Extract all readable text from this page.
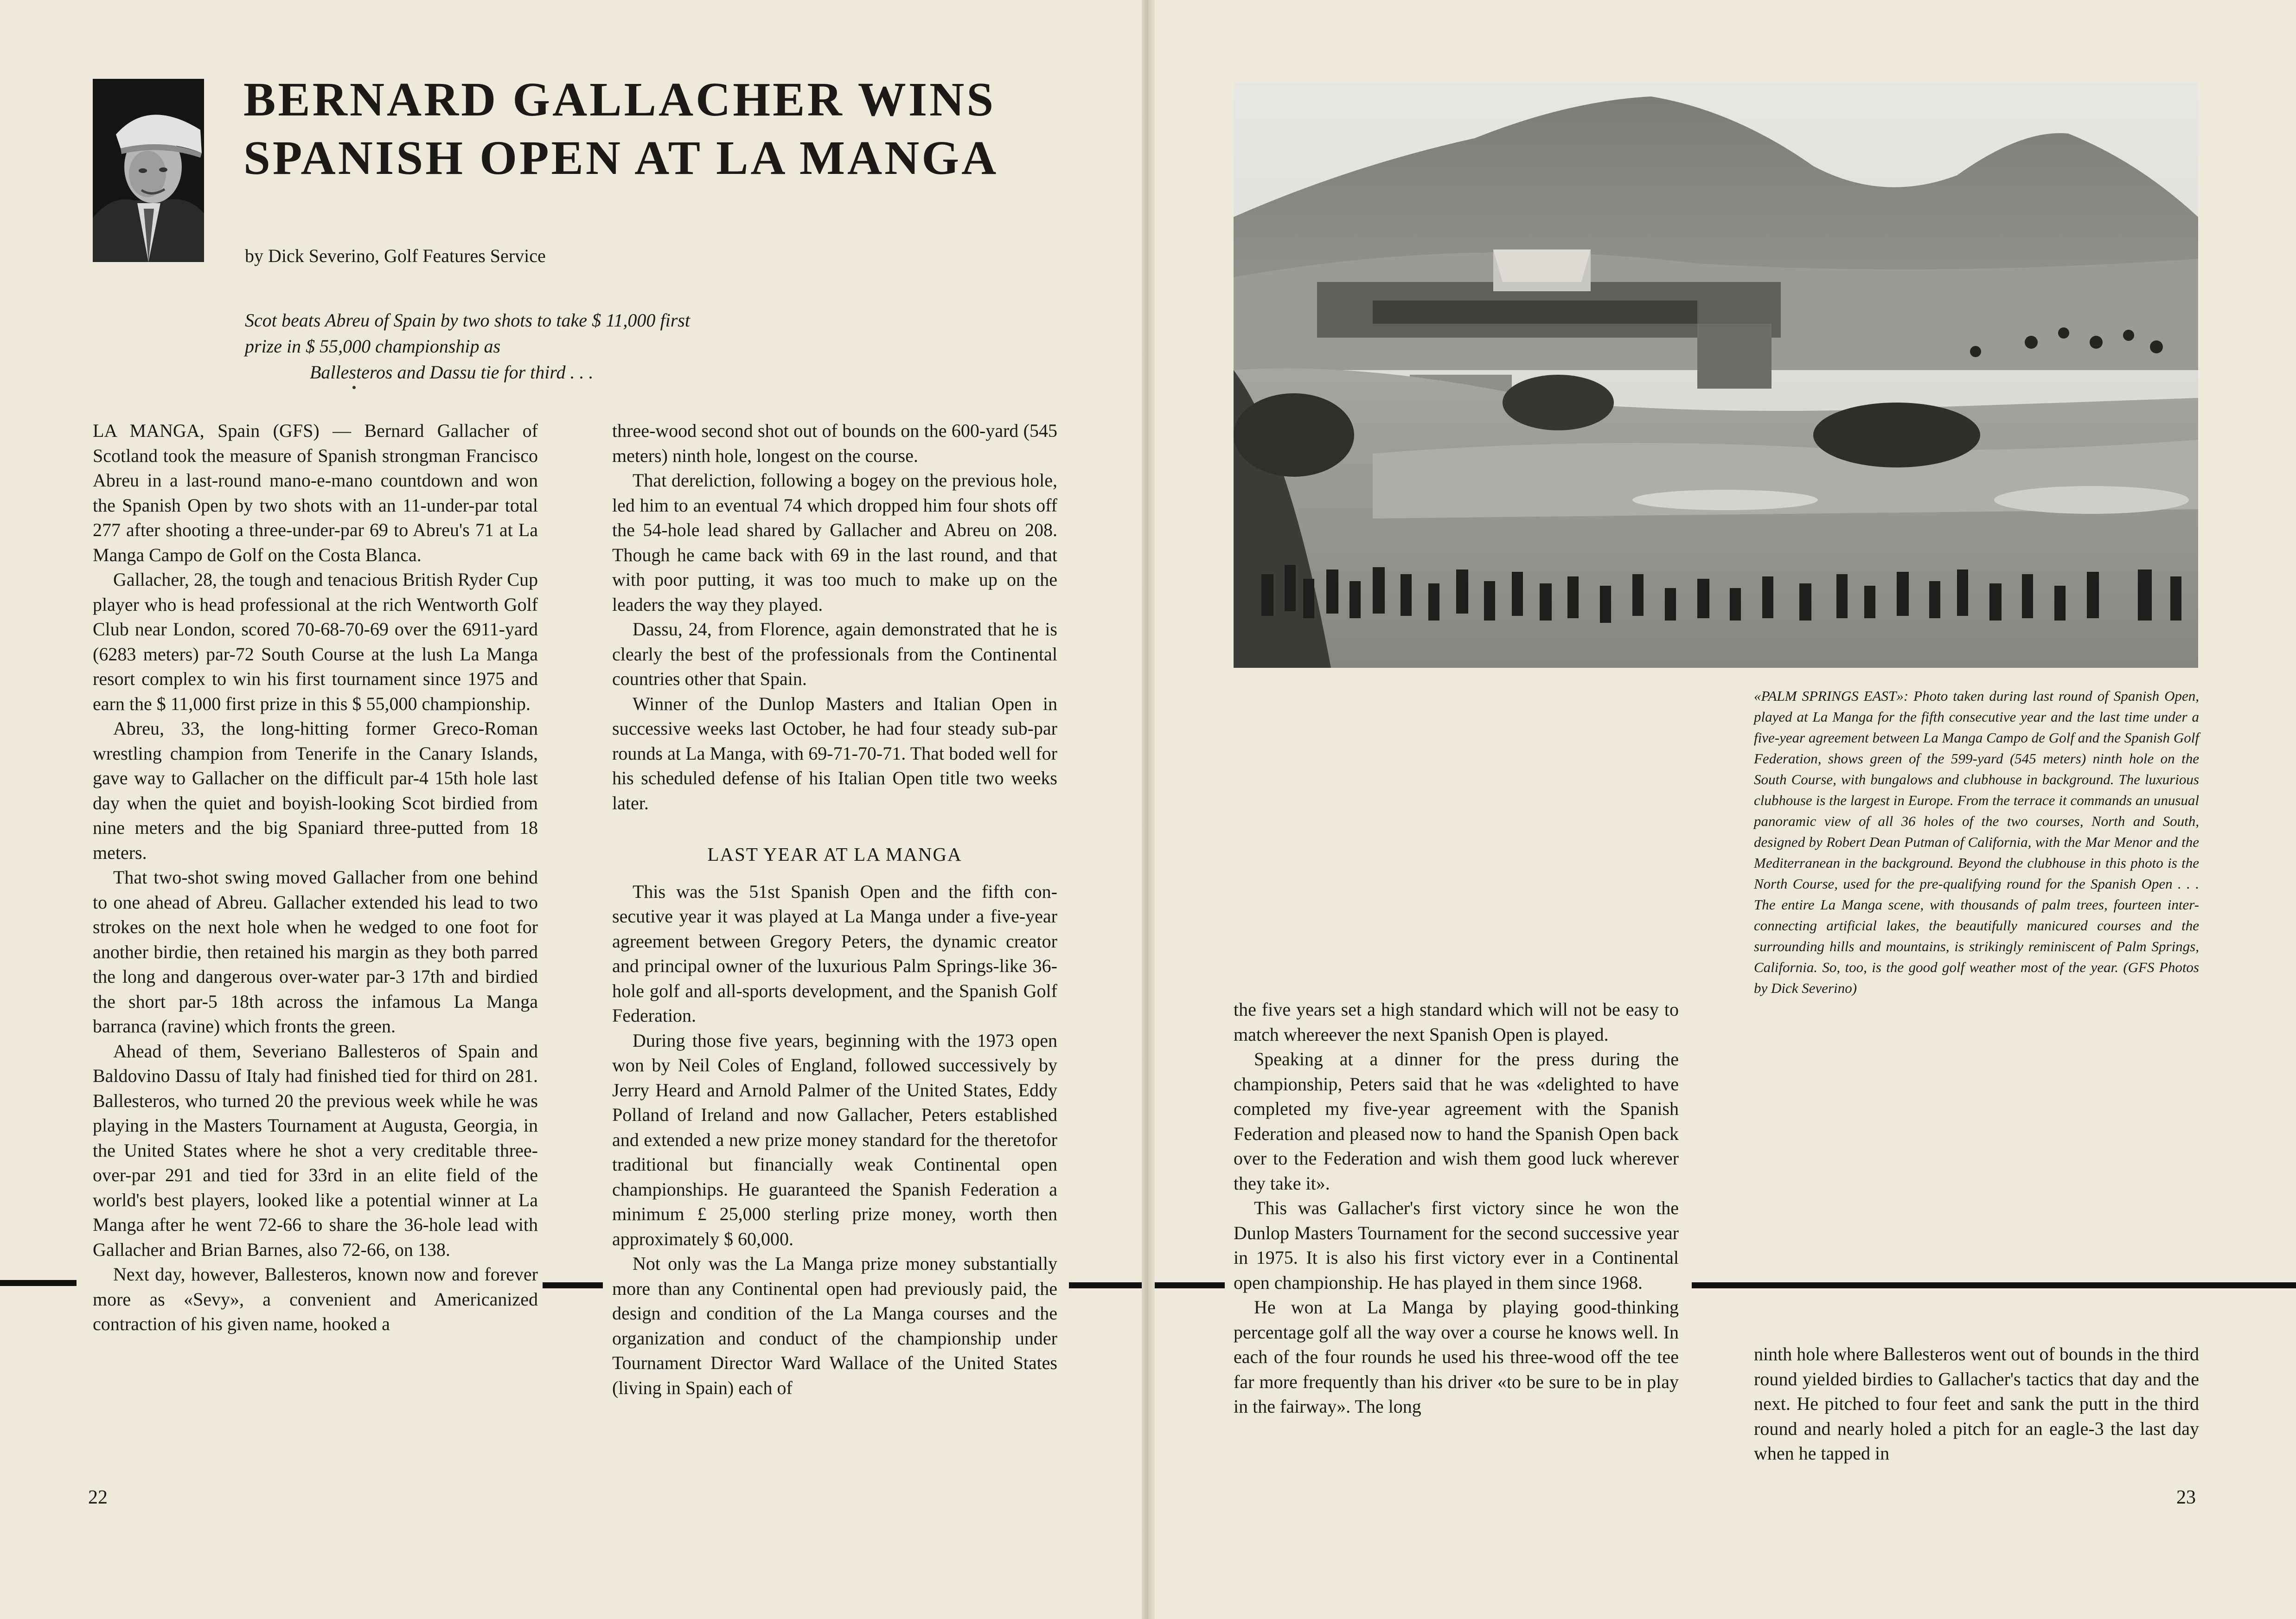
BERNARD GALLACHER WINS
SPANISH OPEN AT LA MANGA
by Dick Severino, Golf Features Service
Scot beats Abreu of Spain by two shots to take $ 11,000 first prize in $ 55,000 championship as
Ballesteros and Dassu tie for third . . .

LA MANGA, Spain (GFS) — Bernard Gallacher of Scotland took the measure of Spanish strongman Francisco Abreu in a last-round mano-e-mano countdown and won the Spanish Open by two shots with an 11-under-par total 277 after shooting a three-under-par 69 to Abreu's 71 at La Manga Campo de Golf on the Costa Blanca.

Gallacher, 28, the tough and tenacious British Ryder Cup player who is head professional at the rich Wentworth Golf Club near London, scored 70-68-70-69 over the 6911-yard (6283 meters) par-72 South Course at the lush La Manga resort complex to win his first tournament since 1975 and earn the $ 11,000 first prize in this $ 55,000 championship.

Abreu, 33, the long-hitting former Greco-Roman wrestling champion from Tenerife in the Canary Islands, gave way to Gallacher on the difficult par-4 15th hole last day when the quiet and boyish-looking Scot birdied from nine meters and the big Spaniard three-putted from 18 meters.

That two-shot swing moved Gallacher from one behind to one ahead of Abreu. Gallacher extended his lead to two strokes on the next hole when he wedged to one foot for another birdie, then retained his margin as they both parred the long and dangerous over-water par-3 17th and birdied the short par-5 18th across the infamous La Manga barranca (ravine) which fronts the green.

Ahead of them, Severiano Ballesteros of Spain and Baldovino Dassu of Italy had finished tied for third on 281. Ballesteros, who turned 20 the previous week while he was playing in the Masters Tournament at Augusta, Georgia, in the United States where he shot a very creditable three-over-par 291 and tied for 33rd in an elite field of the world's best players, looked like a potential winner at La Manga after he went 72-66 to share the 36-hole lead with Gallacher and Brian Barnes, also 72-66, on 138.

Next day, however, Ballesteros, known now and forever more as «Sevy», a convenient and Americanized contraction of his given name, hooked a

three-wood second shot out of bounds on the 600-yard (545 meters) ninth hole, longest on the course.

That dereliction, following a bogey on the previous hole, led him to an eventual 74 which dropped him four shots off the 54-hole lead shared by Gallacher and Abreu on 208. Though he came back with 69 in the last round, and that with poor putting, it was too much to make up on the leaders the way they played.

Dassu, 24, from Florence, again demonstrated that he is clearly the best of the professionals from the Continental countries other that Spain.

Winner of the Dunlop Masters and Italian Open in successive weeks last October, he had four steady sub-par rounds at La Manga, with 69-71-70-71. That boded well for his scheduled defense of his Italian Open title two weeks later.

LAST YEAR AT LA MANGA

This was the 51st Spanish Open and the fifth consecutive year it was played at La Manga under a five-year agreement between Gregory Peters, the dynamic creator and principal owner of the luxurious Palm Springs-like 36-hole golf and all-sports development, and the Spanish Golf Federation.

During those five years, beginning with the 1973 open won by Neil Coles of England, followed successively by Jerry Heard and Arnold Palmer of the United States, Eddy Polland of Ireland and now Gallacher, Peters established and extended a new prize money standard for the theretofor traditional but financially weak Continental open championships. He guaranteed the Spanish Federation a minimum £ 25,000 sterling prize money, worth then approximately $ 60,000.

Not only was the La Manga prize money substantially more than any Continental open had previously paid, the design and condition of the La Manga courses and the organization and conduct of the championship under Tournament Director Ward Wallace of the United States (living in Spain) each of

22
«PALM SPRINGS EAST»: Photo taken during last round of Spanish Open, played at La Manga for the fifth consecutive year and the last time under a five-year agreement between La Manga Campo de Golf and the Spanish Golf Federation, shows green of the 599-yard (545 meters) ninth hole on the South Course, with bungalows and clubhouse in background. The luxurious clubhouse is the largest in Europe. From the terrace it commands an unusual panoramic view of all 36 holes of the two courses, North and South, designed by Robert Dean Putman of California, with the Mar Menor and the Mediterranean in the background. Beyond the clubhouse in this photo is the North Course, used for the pre-qualifying round for the Spanish Open . . . The entire La Manga scene, with thousands of palm trees, fourteen inter-connecting artificial lakes, the beautifully manicured courses and the surrounding hills and mountains, is strikingly reminiscent of Palm Springs, California. So, too, is the good golf weather most of the year. (GFS Photos by Dick Severino)

the five years set a high standard which will not be easy to match whereever the next Spanish Open is played.

Speaking at a dinner for the press during the championship, Peters said that he was «delighted to have completed my five-year agreement with the Spanish Federation and pleased now to hand the Spanish Open back over to the Federation and wish them good luck wherever they take it».

This was Gallacher's first victory since he won the Dunlop Masters Tournament for the second successive year in 1975. It is also his first victory ever in a Continental open championship. He has played in them since 1968.

He won at La Manga by playing good-thinking percentage golf all the way over a course he knows well. In each of the four rounds he used his three-wood off the tee far more frequently than his driver «to be sure to be in play in the fairway». The long

ninth hole where Ballesteros went out of bounds in the third round yielded birdies to Gallacher's tactics that day and the next. He pitched to four feet and sank the putt in the third round and nearly holed a pitch for an eagle-3 the last day when he tapped in

23
